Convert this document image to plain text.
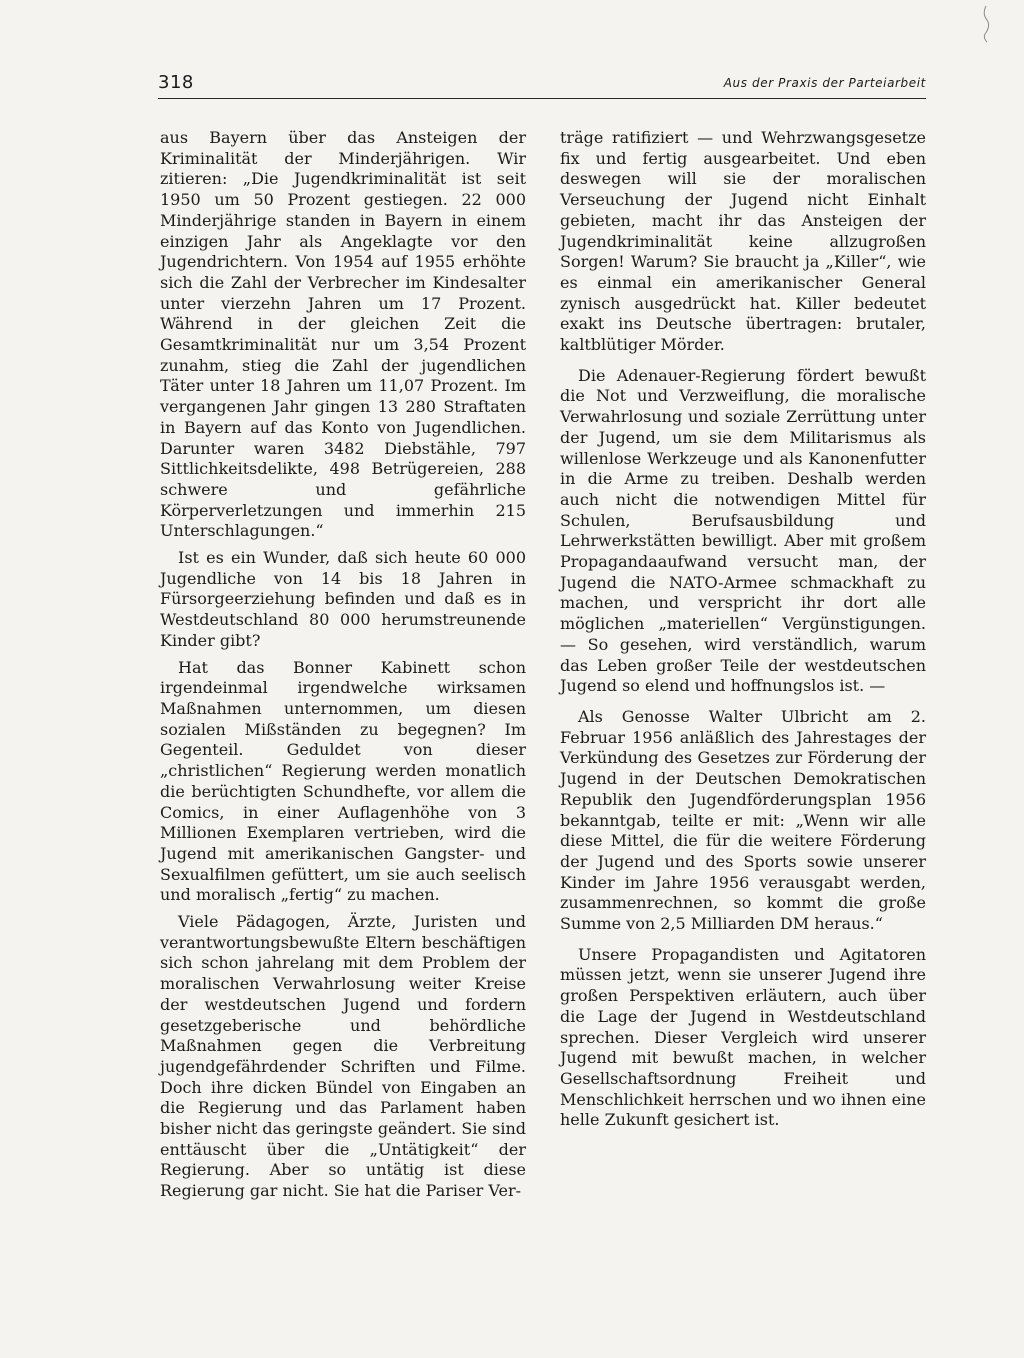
318	Aus der Praxis der Parteiarbeit

aus Bayern über das Ansteigen der Kriminalität der Minderjährigen. Wir zitieren: „Die Jugendkriminalität ist seit 1950 um 50 Prozent gestiegen. 22 000 Minderjährige standen in Bayern in einem einzigen Jahr als Angeklagte vor den Jugendrichtern. Von 1954 auf 1955 erhöhte sich die Zahl der Verbrecher im Kindesalter unter vierzehn Jahren um 17 Prozent. Während in der gleichen Zeit die Gesamtkriminalität nur um 3,54 Prozent zunahm, stieg die Zahl der jugendlichen Täter unter 18 Jahren um 11,07 Prozent. Im vergangenen Jahr gingen 13 280 Straftaten in Bayern auf das Konto von Jugendlichen. Darunter waren 3482 Diebstähle, 797 Sittlichkeitsdelikte, 498 Betrügereien, 288 schwere und gefährliche Körperverletzungen und immerhin 215 Unterschlagungen.“

Ist es ein Wunder, daß sich heute 60 000 Jugendliche von 14 bis 18 Jahren in Fürsorgeerziehung befinden und daß es in Westdeutschland 80 000 herumstreunende Kinder gibt?

Hat das Bonner Kabinett schon irgendeinmal irgendwelche wirksamen Maßnahmen unternommen, um diesen sozialen Mißständen zu begegnen? Im Gegenteil. Geduldet von dieser „christlichen“ Regierung werden monatlich die berüchtigten Schundhefte, vor allem die Comics, in einer Auflagenhöhe von 3 Millionen Exemplaren vertrieben, wird die Jugend mit amerikanischen Gangster- und Sexualfilmen gefüttert, um sie auch seelisch und moralisch „fertig“ zu machen.

Viele Pädagogen, Ärzte, Juristen und verantwortungsbewußte Eltern beschäftigen sich schon jahrelang mit dem Problem der moralischen Verwahrlosung weiter Kreise der westdeutschen Jugend und fordern gesetzgeberische und behördliche Maßnahmen gegen die Verbreitung jugendgefährdender Schriften und Filme. Doch ihre dicken Bündel von Eingaben an die Regierung und das Parlament haben bisher nicht das geringste geändert. Sie sind enttäuscht über die „Untätigkeit“ der Regierung. Aber so untätig ist diese Regierung gar nicht. Sie hat die Pariser Ver-

träge ratifiziert — und Wehrzwangsgesetze fix und fertig ausgearbeitet. Und eben deswegen will sie der moralischen Verseuchung der Jugend nicht Einhalt gebieten, macht ihr das Ansteigen der Jugendkriminalität keine allzugroßen Sorgen! Warum? Sie braucht ja „Killer“, wie es einmal ein amerikanischer General zynisch ausgedrückt hat. Killer bedeutet exakt ins Deutsche übertragen: brutaler, kaltblütiger Mörder.

Die Adenauer-Regierung fördert bewußt die Not und Verzweiflung, die moralische Verwahrlosung und soziale Zerrüttung unter der Jugend, um sie dem Militarismus als willenlose Werkzeuge und als Kanonenfutter in die Arme zu treiben. Deshalb werden auch nicht die notwendigen Mittel für Schulen, Berufsausbildung und Lehrwerkstätten bewilligt. Aber mit großem Propagandaaufwand versucht man, der Jugend die NATO-Armee schmackhaft zu machen, und verspricht ihr dort alle möglichen „materiellen“ Vergünstigungen. — So gesehen, wird verständlich, warum das Leben großer Teile der westdeutschen Jugend so elend und hoffnungslos ist. —

Als Genosse Walter Ulbricht am 2. Februar 1956 anläßlich des Jahrestages der Verkündung des Gesetzes zur Förderung der Jugend in der Deutschen Demokratischen Republik den Jugendförderungsplan 1956 bekanntgab, teilte er mit: „Wenn wir alle diese Mittel, die für die weitere Förderung der Jugend und des Sports sowie unserer Kinder im Jahre 1956 verausgabt werden, zusammenrechnen, so kommt die große Summe von 2,5 Milliarden DM heraus.“

Unsere Propagandisten und Agitatoren müssen jetzt, wenn sie unserer Jugend ihre großen Perspektiven erläutern, auch über die Lage der Jugend in Westdeutschland sprechen. Dieser Vergleich wird unserer Jugend mit bewußt machen, in welcher Gesellschaftsordnung Freiheit und Menschlichkeit herrschen und wo ihnen eine helle Zukunft gesichert ist.
